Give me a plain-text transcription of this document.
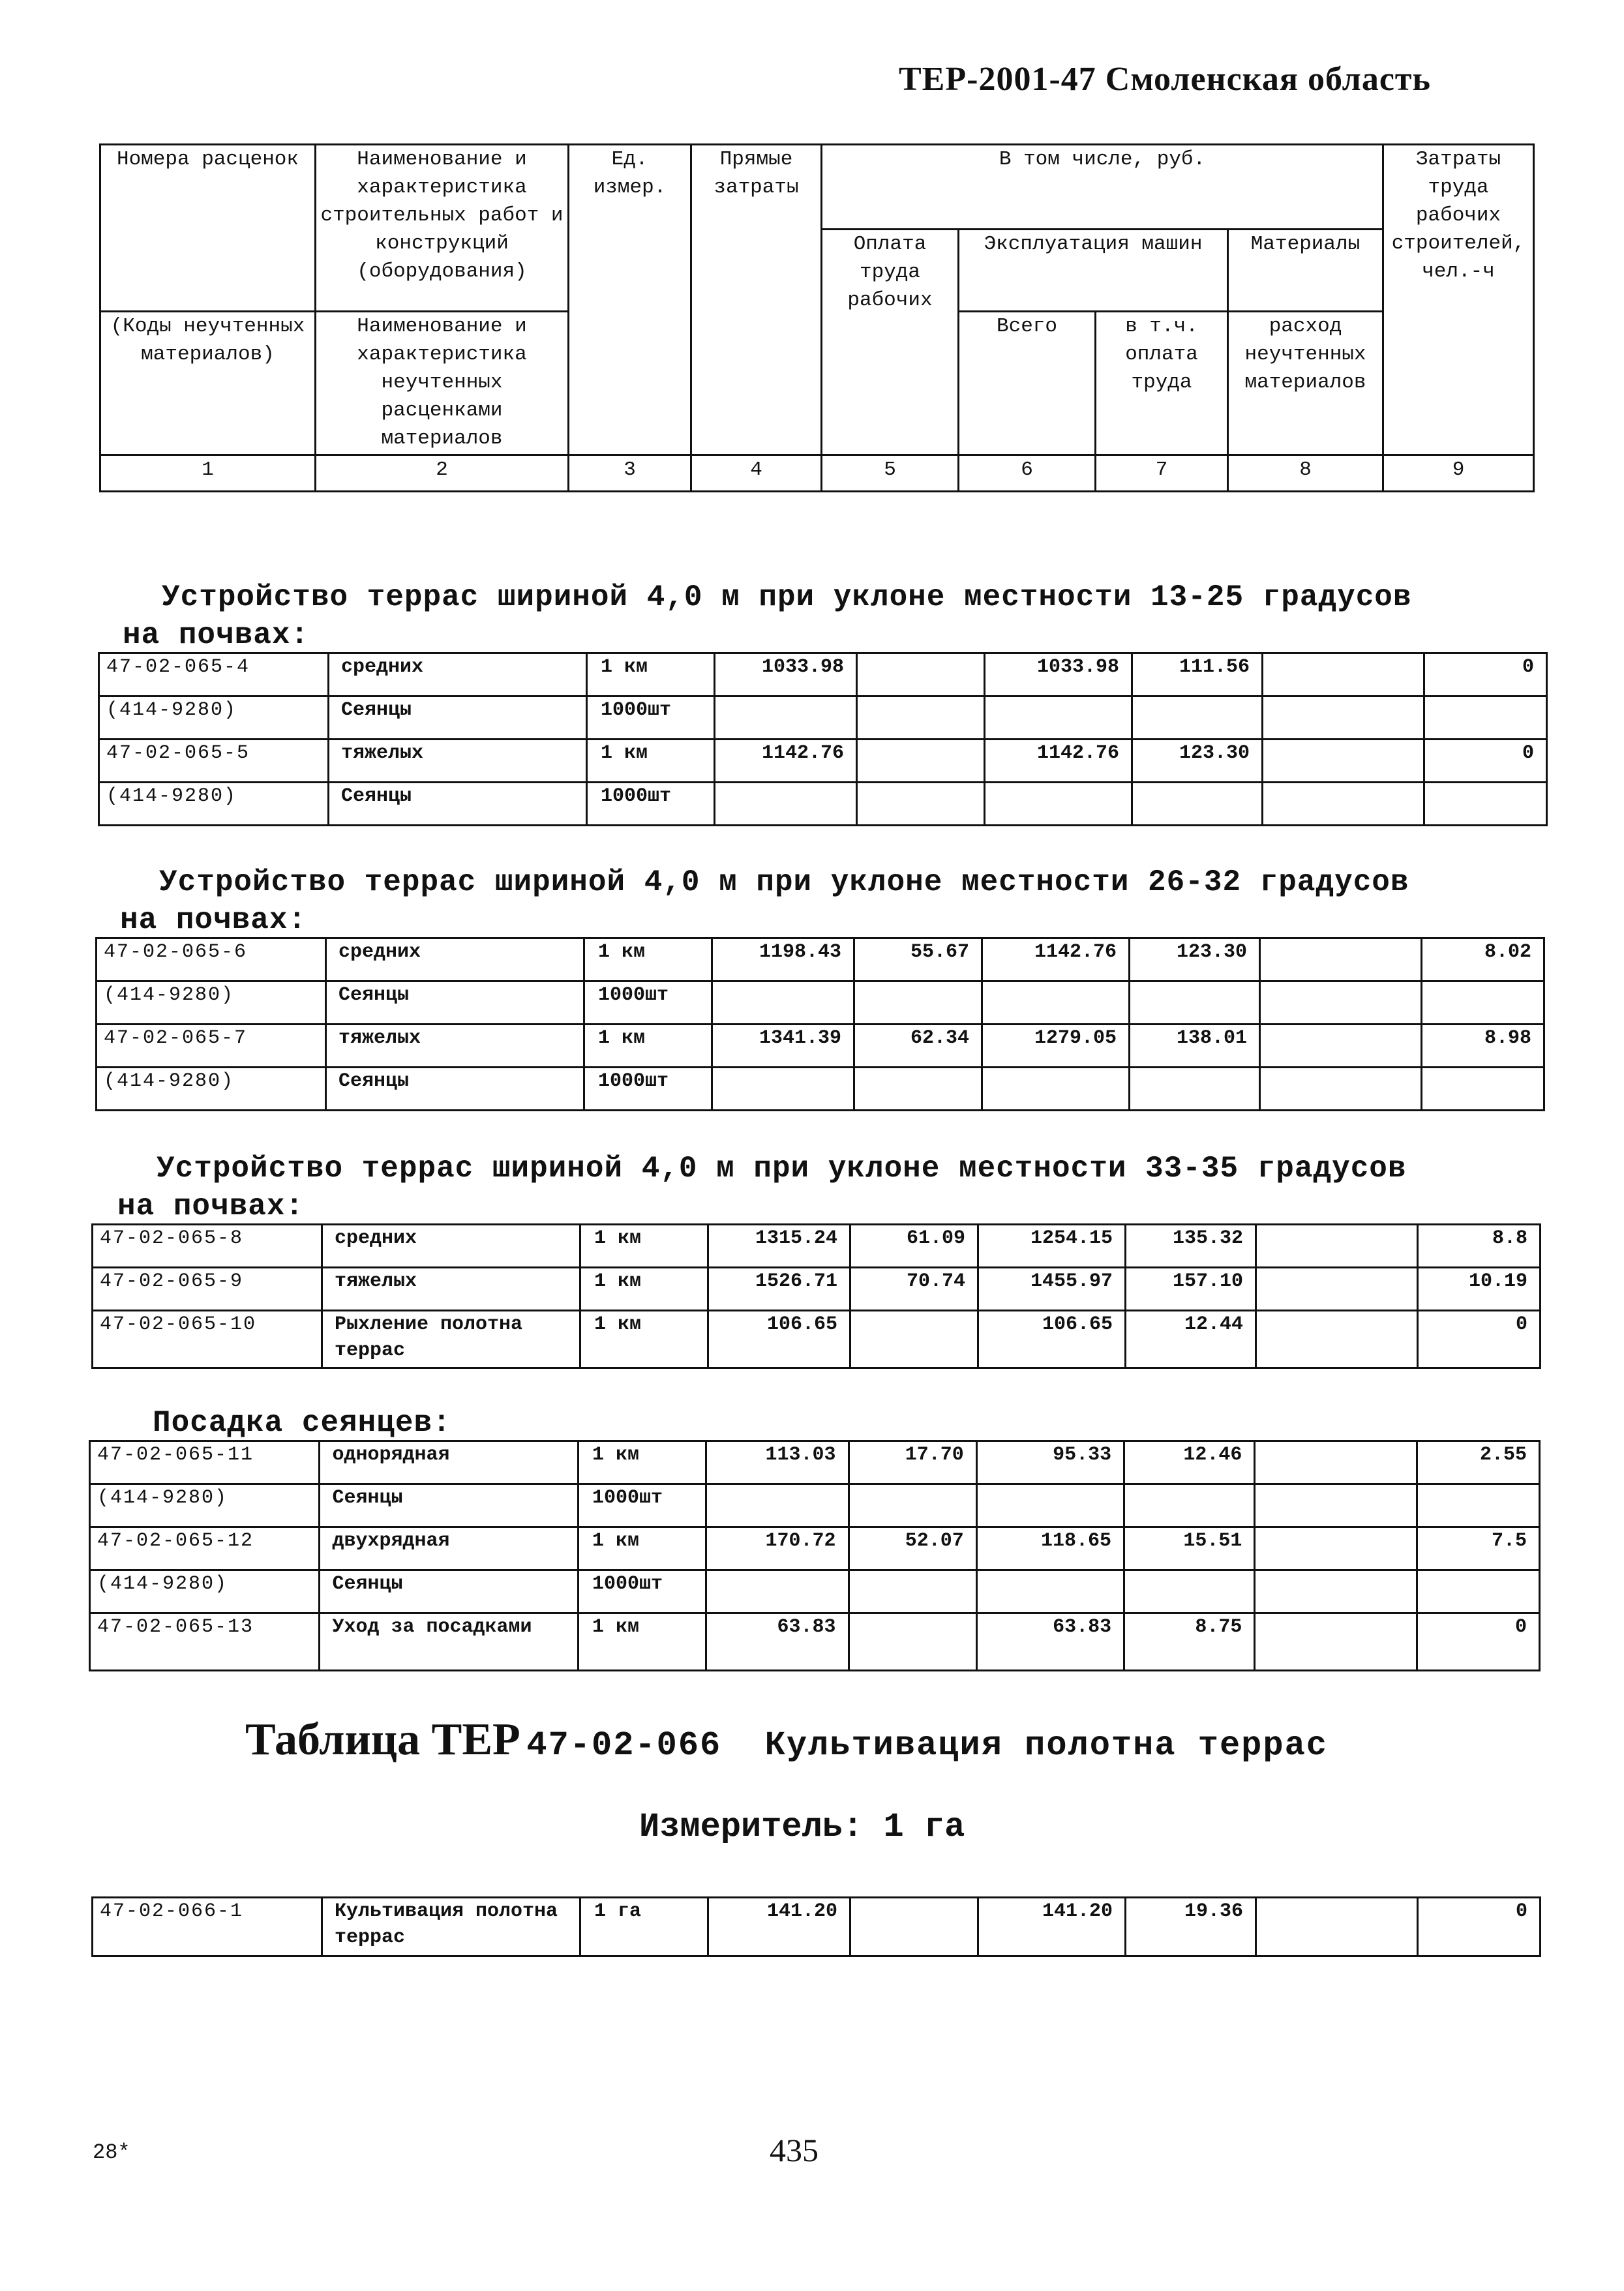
ТЕР-2001-47 Смоленская область
Номера расценок	Наименование и характеристика строительных работ и конструкций (оборудования)	Ед. измер.	Прямые затраты	В том числе, руб.				Затраты труда рабочих строителей, чел.-ч
				Оплата труда рабочих	Эксплуатация машин		Материалы	
(Коды неучтенных материалов)	Наименование и характеристика неучтенных расценками материалов				Всего	в т.ч. оплата труда	расход неучтенных материалов	
1	2	3	4	5	6	7	8	9
Устройство террас шириной 4,0 м при уклоне местности 13-25 градусов
на почвах:
Устройство террас шириной 4,0 м при уклоне местности 26-32 градусов
на почвах:
Устройство террас шириной 4,0 м при уклоне местности 33-35 градусов
на почвах:
Посадка сеянцев:
47-02-065-4	средних	1 км	1033.98		1033.98	111.56		0
(414-9280)	Сеянцы	1000шт						
47-02-065-5	тяжелых	1 км	1142.76		1142.76	123.30		0
(414-9280)	Сеянцы	1000шт						
47-02-065-6	средних	1 км	1198.43	55.67	1142.76	123.30		8.02
(414-9280)	Сеянцы	1000шт						
47-02-065-7	тяжелых	1 км	1341.39	62.34	1279.05	138.01		8.98
(414-9280)	Сеянцы	1000шт						
47-02-065-8	средних	1 км	1315.24	61.09	1254.15	135.32		8.8
47-02-065-9	тяжелых	1 км	1526.71	70.74	1455.97	157.10		10.19
47-02-065-10	Рыхление полотна террас	1 км	106.65		106.65	12.44		0
47-02-065-11	однорядная	1 км	113.03	17.70	95.33	12.46		2.55
(414-9280)	Сеянцы	1000шт						
47-02-065-12	двухрядная	1 км	170.72	52.07	118.65	15.51		7.5
(414-9280)	Сеянцы	1000шт						
47-02-065-13	Уход за посадками	1 км	63.83		63.83	8.75		0
Таблица ТЕР 47-02-066  Культивация полотна террас
Измеритель: 1 га
47-02-066-1	Культивация полотна террас	1 га	141.20		141.20	19.36		0
28*	435
